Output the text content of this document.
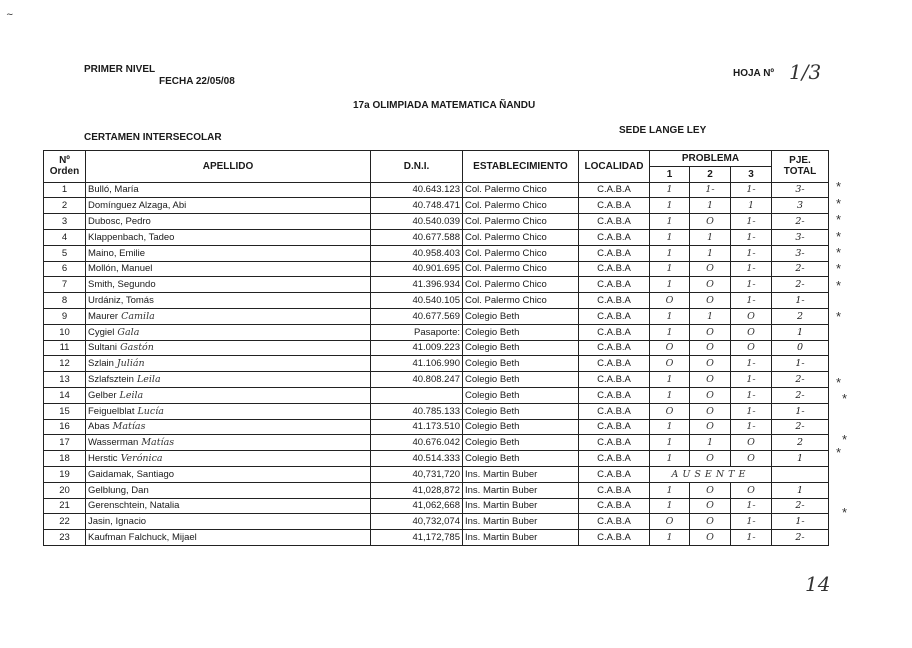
~
PRIMER NIVEL
FECHA 22/05/08
HOJA Nº 1/3
17a OLIMPIADA MATEMATICA ÑANDU
CERTAMEN INTERSECOLAR
SEDE LANGE LEY
Nº Orden	APELLIDO	D.N.I.	ESTABLECIMIENTO	LOCALIDAD	PROBLEMA			PJE. TOTAL
					1	2	3	
1	Bulló, María	40.643.123	Col. Palermo Chico	C.A.B.A	1	1-	1-	3-
2	Domínguez Alzaga, Abi	40.748.471	Col. Palermo Chico	C.A.B.A	1	1	1	3
3	Dubosc, Pedro	40.540.039	Col. Palermo Chico	C.A.B.A	1	O	1-	2-
4	Klappenbach, Tadeo	40.677.588	Col. Palermo Chico	C.A.B.A	1	1	1-	3-
5	Maino, Emilie	40.958.403	Col. Palermo Chico	C.A.B.A	1	1	1-	3-
6	Mollón, Manuel	40.901.695	Col. Palermo Chico	C.A.B.A	1	O	1-	2-
7	Smith, Segundo	41.396.934	Col. Palermo Chico	C.A.B.A	1	O	1-	2-
8	Urdániz, Tomás	40.540.105	Col. Palermo Chico	C.A.B.A	O	O	1-	1-
9	Maurer Camila	40.677.569	Colegio Beth	C.A.B.A	1	1	O	2
10	Cygiel Gala	Pasaporte:	Colegio Beth	C.A.B.A	1	O	O	1
11	Sultani Gastón	41.009.223	Colegio Beth	C.A.B.A	O	O	O	0
12	Szlain Julián	41.106.990	Colegio Beth	C.A.B.A	O	O	1-	1-
13	Szlafsztein Leila	40.808.247	Colegio Beth	C.A.B.A	1	O	1-	2-
14	Gelber Leila		Colegio Beth	C.A.B.A	1	O	1-	2-
15	Feiguelblat Lucía	40.785.133	Colegio Beth	C.A.B.A	O	O	1-	1-
16	Abas Matías	41.173.510	Colegio Beth	C.A.B.A	1	O	1-	2-
17	Wasserman Matías	40.676.042	Colegio Beth	C.A.B.A	1	1	O	2
18	Herstic Verónica	40.514.333	Colegio Beth	C.A.B.A	1	O	O	1
19	Gaidamak, Santiago	40,731,720	Ins. Martin Buber	C.A.B.A	AUSENTE			
20	Gelblung, Dan	41,028,872	Ins. Martin Buber	C.A.B.A	1	O	O	1
21	Gerenschtein, Natalia	41,062,668	Ins. Martin Buber	C.A.B.A	1	O	1-	2-
22	Jasin, Ignacio	40,732,074	Ins. Martin Buber	C.A.B.A	O	O	1-	1-
23	Kaufman Falchuck, Mijael	41,172,785	Ins. Martin Buber	C.A.B.A	1	O	1-	2-
*
*
*
*
*
*
*
*
*
*
*
*
*
14
